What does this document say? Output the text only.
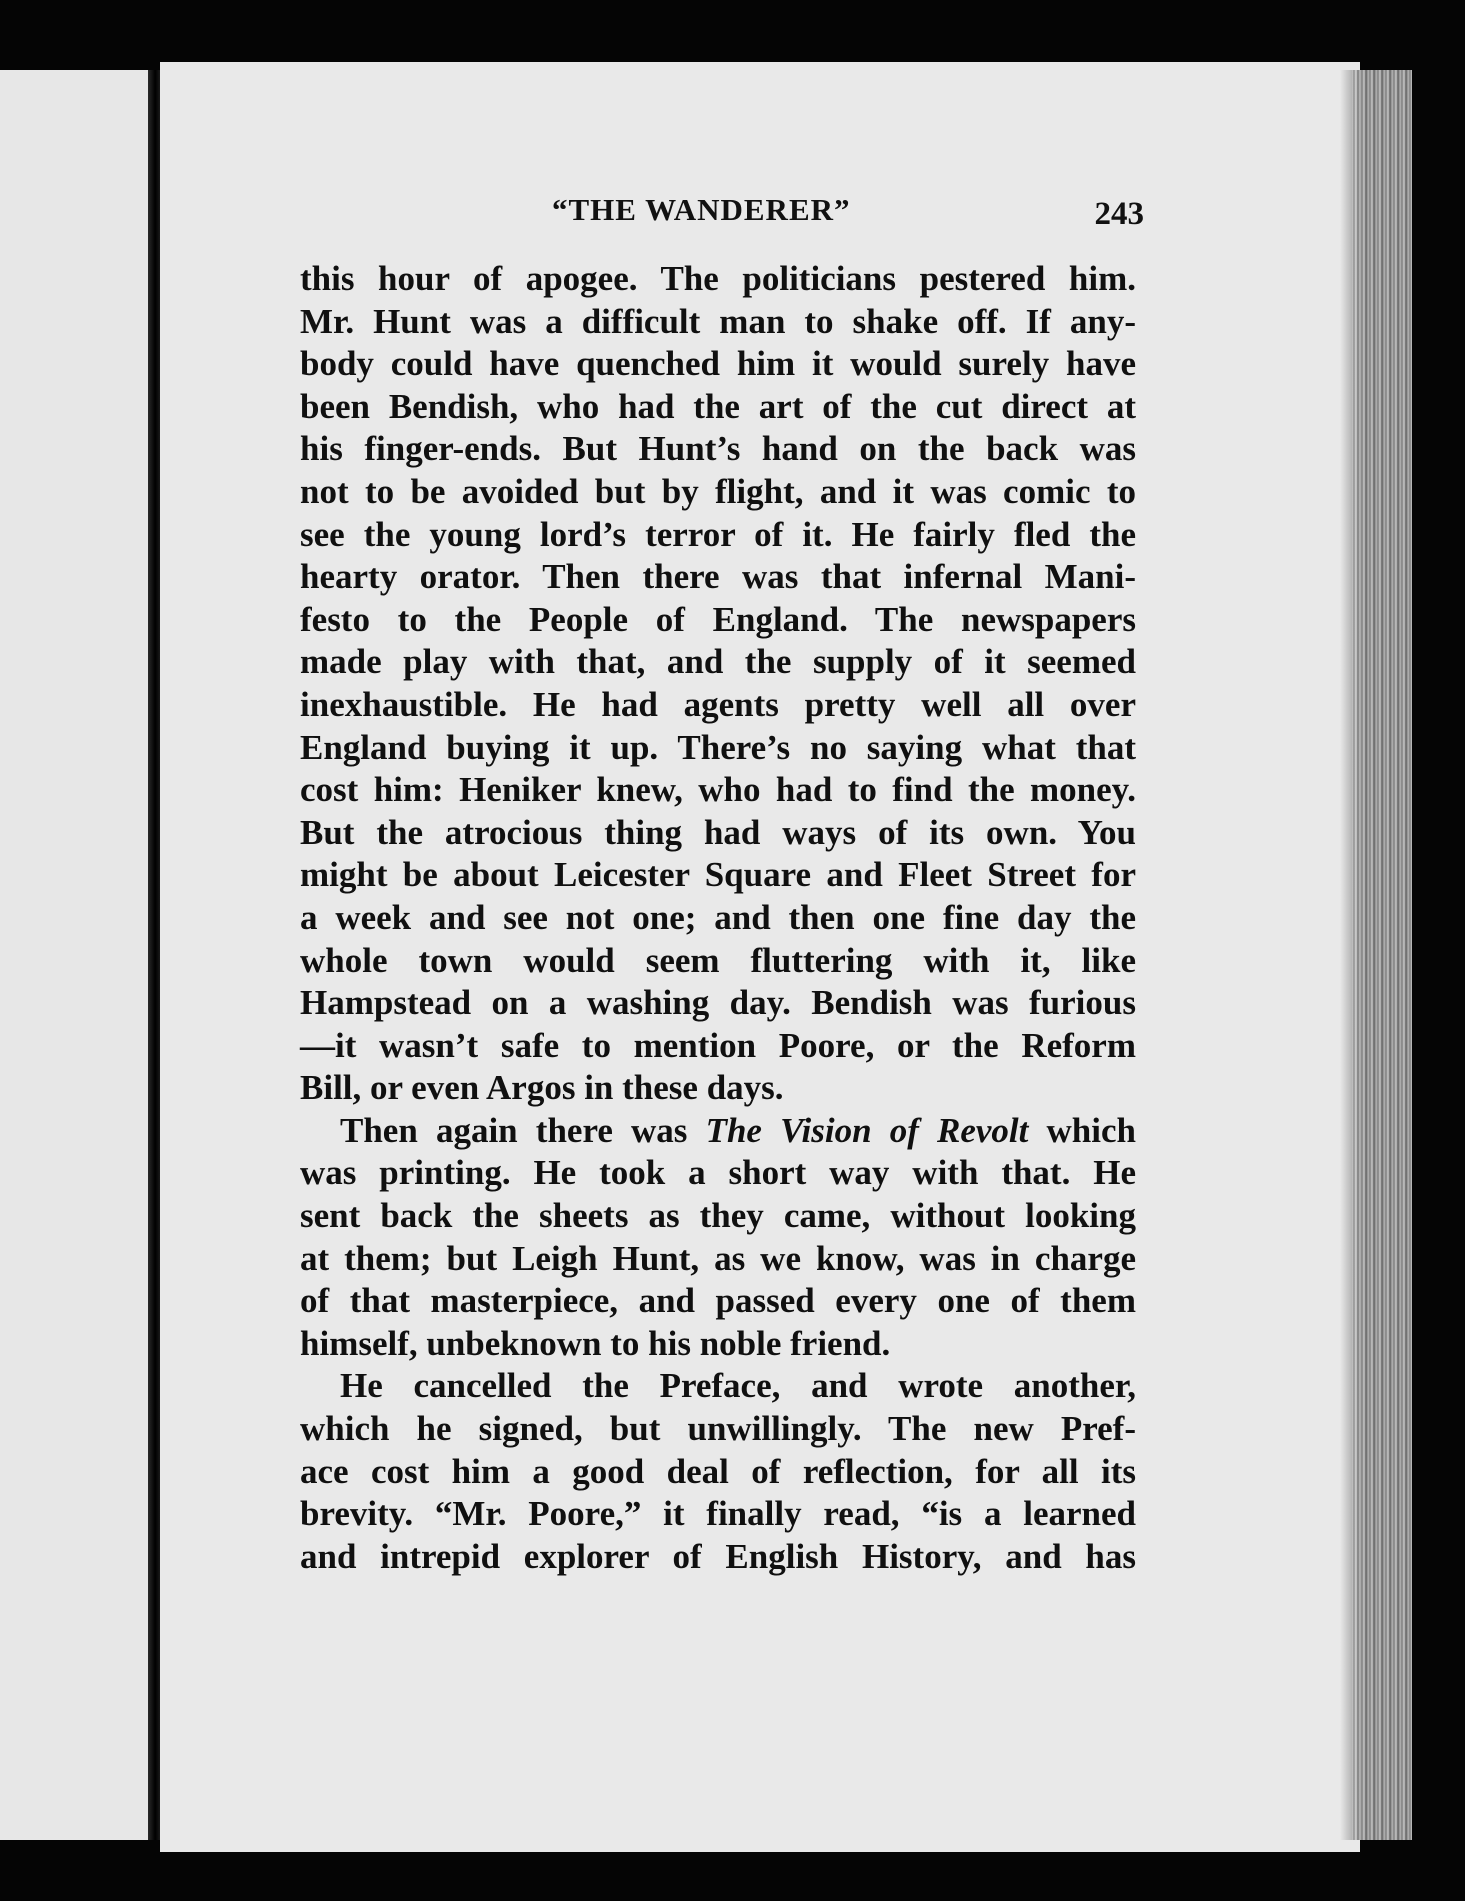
“THE WANDERER”	243
this hour of apogee. The politicians pestered him.
Mr. Hunt was a difficult man to shake off. If any-
body could have quenched him it would surely have
been Bendish, who had the art of the cut direct at
his finger-ends. But Hunt’s hand on the back was
not to be avoided but by flight, and it was comic to
see the young lord’s terror of it. He fairly fled the
hearty orator. Then there was that infernal Mani-
festo to the People of England. The newspapers
made play with that, and the supply of it seemed
inexhaustible. He had agents pretty well all over
England buying it up. There’s no saying what that
cost him: Heniker knew, who had to find the money.
But the atrocious thing had ways of its own. You
might be about Leicester Square and Fleet Street for
a week and see not one; and then one fine day the
whole town would seem fluttering with it, like
Hampstead on a washing day. Bendish was furious
—it wasn’t safe to mention Poore, or the Reform
Bill, or even Argos in these days.
Then again there was The Vision of Revolt which
was printing. He took a short way with that. He
sent back the sheets as they came, without looking
at them; but Leigh Hunt, as we know, was in charge
of that masterpiece, and passed every one of them
himself, unbeknown to his noble friend.
He cancelled the Preface, and wrote another,
which he signed, but unwillingly. The new Pref-
ace cost him a good deal of reflection, for all its
brevity. “Mr. Poore,” it finally read, “is a learned
and intrepid explorer of English History, and has
